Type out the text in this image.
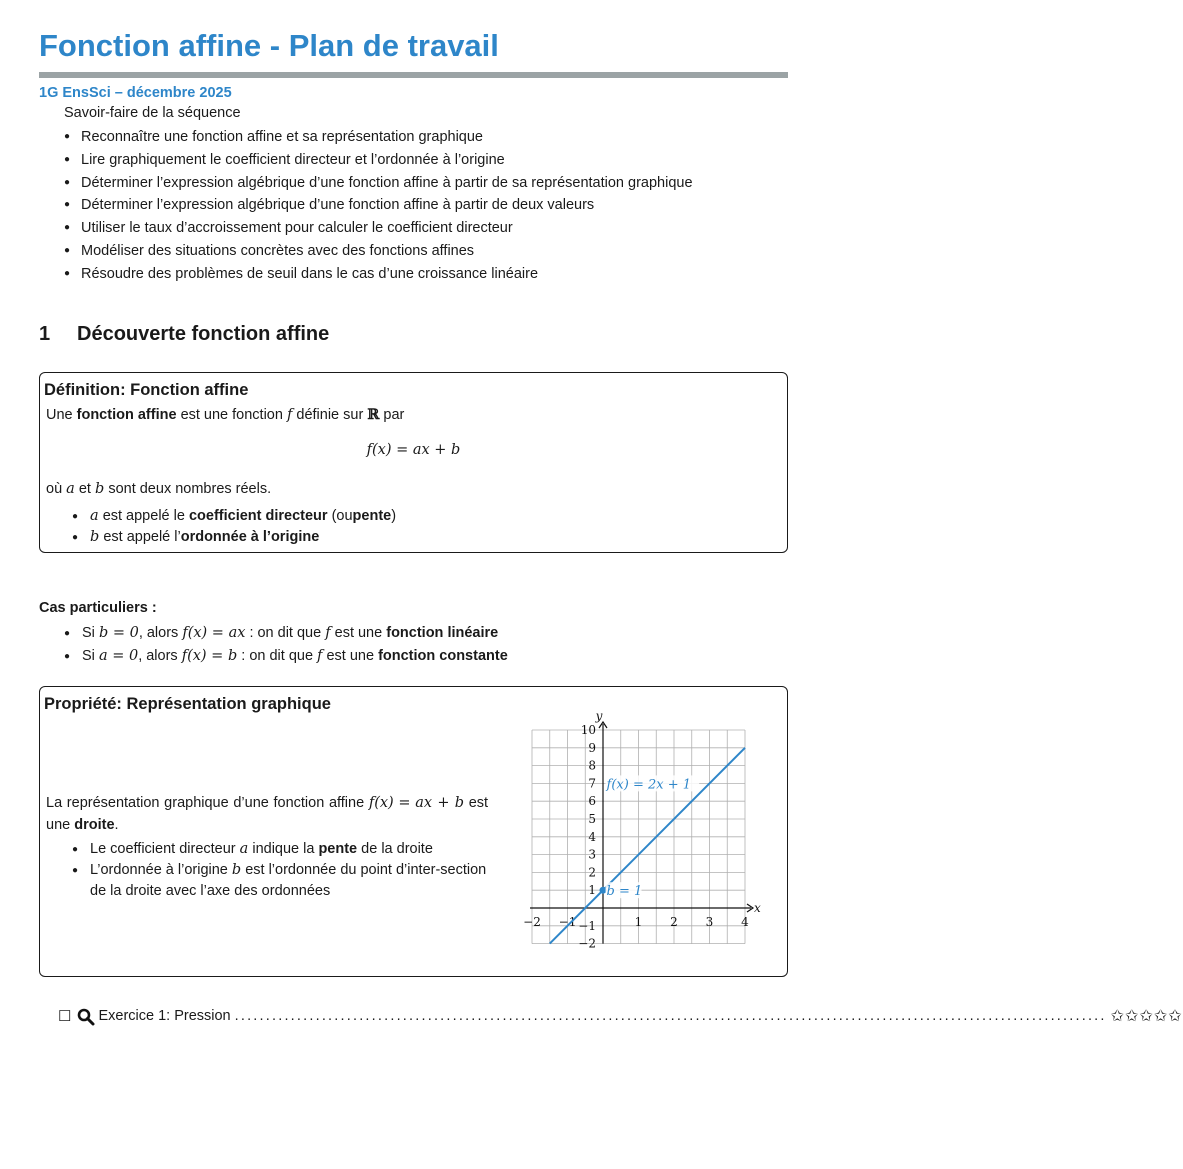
Fonction affine - Plan de travail
1G EnsSci – décembre 2025
Savoir-faire de la séquence
● Reconnaître une fonction affine et sa représentation graphique
● Lire graphiquement le coefficient directeur et l’ordonnée à l’origine
● Déterminer l’expression algébrique d’une fonction affine à partir de sa représentation graphique
● Déterminer l’expression algébrique d’une fonction affine à partir de deux valeurs
● Utiliser le taux d’accroissement pour calculer le coefficient directeur
● Modéliser des situations concrètes avec des fonctions affines
● Résoudre des problèmes de seuil dans le cas d’une croissance linéaire
1 Découverte fonction affine
Définition: Fonction affine
Une fonction affine est une fonction f définie sur ℝ par
f(x) = ax + b
où a et b sont deux nombres réels.
● a est appelé le coefficient directeur (oupente)
● b est appelé l’ordonnée à l’origine
Cas particuliers :
● Si b = 0, alors f(x) = ax : on dit que f est une fonction linéaire
● Si a = 0, alors f(x) = b : on dit que f est une fonction constante
Propriété: Représentation graphique
La représentation graphique d’une fonction affine f(x) = ax + b est une droite.
● Le coefficient directeur a indique la pente de la droite
● L’ordonnée à l’origine b est l’ordonnée du point d’inter-section de la droite avec l’axe des ordonnées
−2 −1	1 2 3 4
−2
−1
1
2
3
4
5
6
7
8
9
10
x
y
f(x) = 2x + 1
b = 1
☐ Exercice 1: Pression ............................................................................................................................................ ✩✩✩✩✩
